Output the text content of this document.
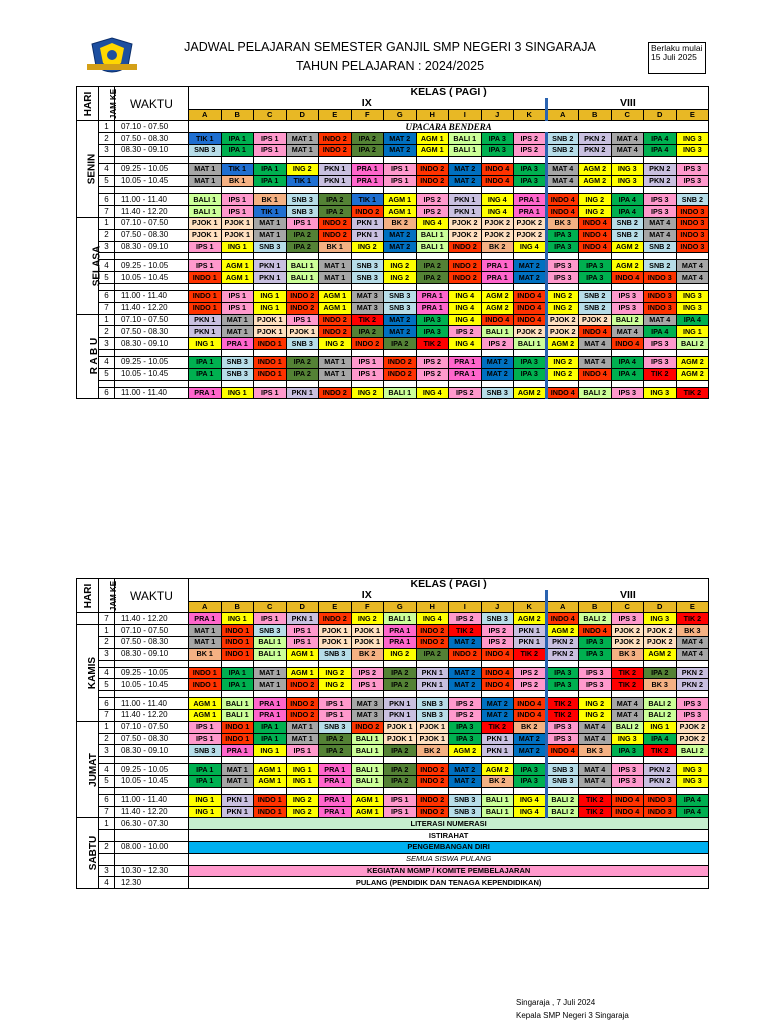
JADWAL PELAJARAN SEMESTER GANJIL SMP NEGERI 3 SINGARAJA
TAHUN PELAJARAN : 2024/2025
Berlaku mulai 15 Juli 2025
HARI	JAM KE	WAKTU	KELAS ( PAGI )															
			IX											VIII				
			A	B	C	D	E	F	G	H	I	J	K	A	B	C	D	E
SENIN	1	07.10 - 07.50	UPACARA BENDERA															
	2	07.50 - 08.30	TIK 1	IPA 1	IPS 1	MAT 1	INDO 2	IPA 2	MAT 2	AGM 1	BALI 1	IPA 3	IPS 2	SNB 2	PKN 2	MAT 4	IPA 4	ING 3
	3	08.30 - 09.10	SNB 3	IPA 1	IPS 1	MAT 1	INDO 2	IPA 2	MAT 2	AGM 1	BALI 1	IPA 3	IPS 2	SNB 2	PKN 2	MAT 4	IPA 4	ING 3

	4	09.25 - 10.05	MAT 1	TIK 1	IPA 1	ING 2	PKN 1	PRA 1	IPS 1	INDO 2	MAT 2	INDO 4	IPA 3	MAT 4	AGM 2	ING 3	PKN 2	IPS 3
	5	10.05 - 10.45	MAT 1	BK 1	IPA 1	TIK 1	PKN 1	PRA 1	IPS 1	INDO 2	MAT 2	INDO 4	IPA 3	MAT 4	AGM 2	ING 3	PKN 2	IPS 3

	6	11.00 - 11.40	BALI 1	IPS 1	BK 1	SNB 3	IPA 2	TIK 1	AGM 1	IPS 2	PKN 1	ING 4	PRA 1	INDO 4	ING 2	IPA 4	IPS 3	SNB 2
	7	11.40 - 12.20	BALI 1	IPS 1	TIK 1	SNB 3	IPA 2	INDO 2	AGM 1	IPS 2	PKN 1	ING 4	PRA 1	INDO 4	ING 2	IPA 4	IPS 3	INDO 3
SELASA	1	07.10 - 07.50	PJOK 1	PJOK 1	MAT 1	IPS 1	INDO 2	PKN 1	BK 2	ING 4	PJOK 2	PJOK 2	PJOK 2	BK 3	INDO 4	SNB 2	MAT 4	INDO 3
	2	07.50 - 08.30	PJOK 1	PJOK 1	MAT 1	IPA 2	INDO 2	PKN 1	MAT 2	BALI 1	PJOK 2	PJOK 2	PJOK 2	IPA 3	INDO 4	SNB 2	MAT 4	INDO 3
	3	08.30 - 09.10	IPS 1	ING 1	SNB 3	IPA 2	BK 1	ING 2	MAT 2	BALI 1	INDO 2	BK 2	ING 4	IPA 3	INDO 4	AGM 2	SNB 2	INDO 3

	4	09.25 - 10.05	IPS 1	AGM 1	PKN 1	BALI 1	MAT 1	SNB 3	ING 2	IPA 2	INDO 2	PRA 1	MAT 2	IPS 3	IPA 3	AGM 2	SNB 2	MAT 4
	5	10.05 - 10.45	INDO 1	AGM 1	PKN 1	BALI 1	MAT 1	SNB 3	ING 2	IPA 2	INDO 2	PRA 1	MAT 2	IPS 3	IPA 3	INDO 4	INDO 3	MAT 4

	6	11.00 - 11.40	INDO 1	IPS 1	ING 1	INDO 2	AGM 1	MAT 3	SNB 3	PRA 1	ING 4	AGM 2	INDO 4	ING 2	SNB 2	IPS 3	INDO 3	ING 3
	7	11.40 - 12.20	INDO 1	IPS 1	ING 1	INDO 2	AGM 1	MAT 3	SNB 3	PRA 1	ING 4	AGM 2	INDO 4	ING 2	SNB 2	IPS 3	INDO 3	ING 3
R A B U	1	07.10 - 07.50	PKN 1	MAT 1	PJOK 1	IPS 1	INDO 2	TIK 2	MAT 2	IPA 3	ING 4	INDO 4	INDO 4	PJOK 2	PJOK 2	BALI 2	MAT 4	IPA 4
	2	07.50 - 08.30	PKN 1	MAT 1	PJOK 1	PJOK 1	INDO 2	IPA 2	MAT 2	IPA 3	IPS 2	BALI 1	PJOK 2	PJOK 2	INDO 4	MAT 4	IPA 4	ING 1
	3	08.30 - 09.10	ING 1	PRA 1	INDO 1	SNB 3	ING 2	INDO 2	IPA 2	TIK 2	ING 4	IPS 2	BALI 1	AGM 2	MAT 4	INDO 4	IPS 3	BALI 2

	4	09.25 - 10.05	IPA 1	SNB 3	INDO 1	IPA 2	MAT 1	IPS 1	INDO 2	IPS 2	PRA 1	MAT 2	IPA 3	ING 2	MAT 4	IPA 4	IPS 3	AGM 2
	5	10.05 - 10.45	IPA 1	SNB 3	INDO 1	IPA 2	MAT 1	IPS 1	INDO 2	IPS 2	PRA 1	MAT 2	IPA 3	ING 2	INDO 4	IPA 4	TIK 2	AGM 2

	6	11.00 - 11.40	PRA 1	ING 1	IPS 1	PKN 1	INDO 2	ING 2	BALI 1	ING 4	IPS 2	SNB 3	AGM 2	INDO 4	BALI 2	IPS 3	ING 3	TIK 2
HARI	JAM KE	WAKTU	KELAS ( PAGI )															
			IX											VIII				
			A	B	C	D	E	F	G	H	I	J	K	A	B	C	D	E
	7	11.40 - 12.20	PRA 1	ING 1	IPS 1	PKN 1	INDO 2	ING 2	BALI 1	ING 4	IPS 2	SNB 3	AGM 2	INDO 4	BALI 2	IPS 3	ING 3	TIK 2
KAMIS	1	07.10 - 07.50	MAT 1	INDO 1	SNB 3	IPS 1	PJOK 1	PJOK 1	PRA 1	INDO 2	TIK 2	IPS 2	PKN 1	AGM 2	INDO 4	PJOK 2	PJOK 2	BK 3
	2	07.50 - 08.30	MAT 1	INDO 1	BALI 1	IPS 1	PJOK 1	PJOK 1	PRA 1	INDO 2	MAT 2	IPS 2	PKN 1	PKN 2	IPA 3	PJOK 2	PJOK 2	MAT 4
	3	08.30 - 09.10	BK 1	INDO 1	BALI 1	AGM 1	SNB 3	BK 2	ING 2	IPA 2	INDO 2	INDO 4	TIK 2	PKN 2	IPA 3	BK 3	AGM 2	MAT 4

	4	09.25 - 10.05	INDO 1	IPA 1	MAT 1	AGM 1	ING 2	IPS 2	IPA 2	PKN 1	MAT 2	INDO 4	IPS 2	IPA 3	IPS 3	TIK 2	IPA 2	PKN 2
	5	10.05 - 10.45	INDO 1	IPA 1	MAT 1	INDO 2	ING 2	IPS 1	IPA 2	PKN 1	MAT 2	INDO 4	IPS 2	IPA 3	IPS 3	TIK 2	BK 3	PKN 2

	6	11.00 - 11.40	AGM 1	BALI 1	PRA 1	INDO 2	IPS 1	MAT 3	PKN 1	SNB 3	IPS 2	MAT 2	INDO 4	TIK 2	ING 2	MAT 4	BALI 2	IPS 3
	7	11.40 - 12.20	AGM 1	BALI 1	PRA 1	INDO 2	IPS 1	MAT 3	PKN 1	SNB 3	IPS 2	MAT 2	INDO 4	TIK 2	ING 2	MAT 4	BALI 2	IPS 3
JUMAT	1	07.10 - 07.50	IPS 1	INDO 1	IPA 1	MAT 1	SNB 3	INDO 2	PJOK 1	PJOK 1	IPA 3	TIK 2	BK 2	IPS 3	MAT 4	BALI 2	ING 1	PJOK 2
	2	07.50 - 08.30	IPS 1	INDO 1	IPA 1	MAT 1	IPA 2	BALI 1	PJOK 1	PJOK 1	IPA 3	PKN 1	MAT 2	IPS 3	MAT 4	ING 3	IPA 4	PJOK 2
	3	08.30 - 09.10	SNB 3	PRA 1	ING 1	IPS 1	IPA 2	BALI 1	IPA 2	BK 2	AGM 2	PKN 1	MAT 2	INDO 4	BK 3	IPA 3	TIK 2	BALI 2

	4	09.25 - 10.05	IPA 1	MAT 1	AGM 1	ING 1	PRA 1	BALI 1	IPA 2	INDO 2	MAT 2	AGM 2	IPA 3	SNB 3	MAT 4	IPS 3	PKN 2	ING 3
	5	10.05 - 10.45	IPA 1	MAT 1	AGM 1	ING 1	PRA 1	BALI 1	IPA 2	INDO 2	MAT 2	BK 2	IPA 3	SNB 3	MAT 4	IPS 3	PKN 2	ING 3

	6	11.00 - 11.40	ING 1	PKN 1	INDO 1	ING 2	PRA 1	AGM 1	IPS 1	INDO 2	SNB 3	BALI 1	ING 4	BALI 2	TIK 2	INDO 4	INDO 3	IPA 4
	7	11.40 - 12.20	ING 1	PKN 1	INDO 1	ING 2	PRA 1	AGM 1	IPS 1	INDO 2	SNB 3	BALI 1	ING 4	BALI 2	TIK 2	INDO 4	INDO 3	IPA 4
SABTU	1	06.30 - 07.30	LITERASI NUMERASI															
			ISTIRAHAT															
	2	08.00 - 10.00	PENGEMBANGAN DIRI															
			SEMUA SISWA PULANG															
	3	10.30 - 12.30	KEGIATAN MGMP / KOMITE PEMBELAJARAN															
	4	12.30	PULANG (PENDIDIK DAN TENAGA KEPENDIDIKAN)															
Singaraja , 7 Juli 2024
Kepala SMP Negeri 3 Singaraja
